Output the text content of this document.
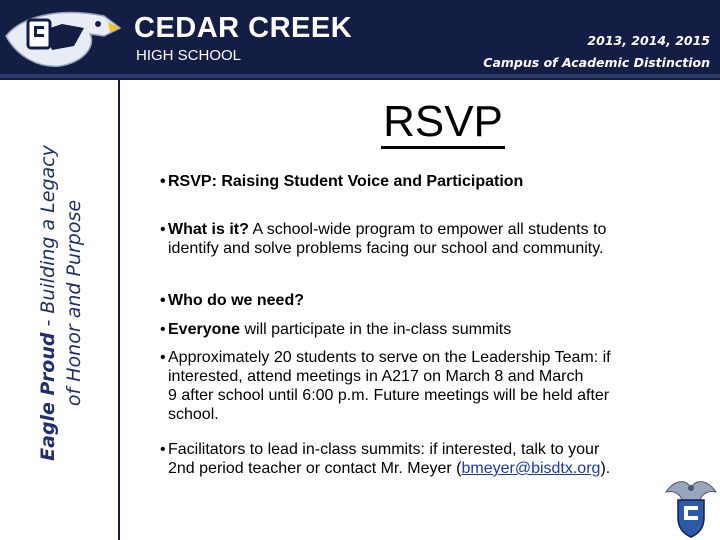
CEDAR CREEK
HIGH SCHOOL
2013, 2014, 2015
Campus of Academic Distinction
Eagle Proud - Building a Legacy of Honor and Purpose
RSVP
• RSVP: Raising Student Voice and Participation
• What is it? A school-wide program to empower all students to
identify and solve problems facing our school and community.
• Who do we need?
• Everyone will participate in the in-class summits
• Approximately 20 students to serve on the Leadership Team: if
interested, attend meetings in A217 on March 8 and March
9 after school until 6:00 p.m. Future meetings will be held after
school.
• Facilitators to lead in-class summits: if interested, talk to your
2nd period teacher or contact Mr. Meyer (bmeyer@bisdtx.org).
